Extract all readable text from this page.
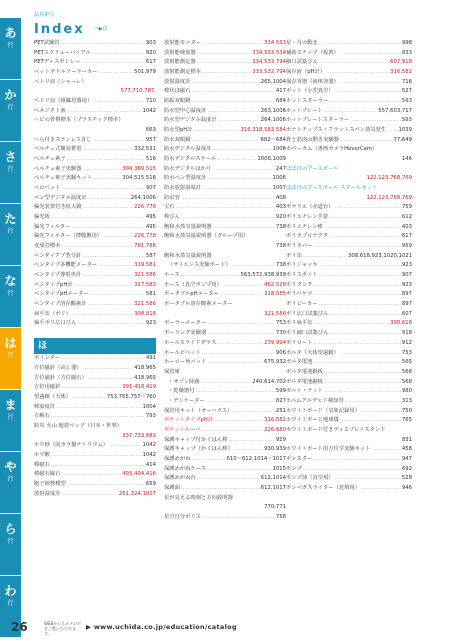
あ
行
か
行
さ
行
た
行
な
行
は
行
ま
行
や
行
ら
行
わ
行
品名索引
Index ヘ▶ほ
PET試験管 …………………………………………………………………………………………	903
PETスクリューバイアル …………………………………………………………………………………………	920
PETディスポトレー …………………………………………………………………………………………	617
ペットボトルソーラーカー …………………………………………………………………………………………	501,979
ペトリ皿（シャーレ）
577,710,787,
ペトリ皿（組織培養用） …………………………………………………………………………………………	710
ペネジクト液 …………………………………………………………………………………………	1042
ヘビの骨格標本（プラスチック標本）
663
ヘら付きステンレスさじ …………………………………………………………………………………………	957
ペルチェ式簡易蓄電 …………………………………………………………………………………………	332,531
ペルチェ素子 …………………………………………………………………………………………	516
ペルチェ素子実験器 …………………………………………………………………………………………	304,369,515
ペルチェ素子実験キット …………………………………………………………………………………………	304,515,516
ペロペット …………………………………………………………………………………………	907
ペン型デジタル温度計 …………………………………………………………………………………………	264,1006
偏光装置付き拡大鏡 …………………………………………………………………………………………	226,778
偏光板 …………………………………………………………………………………………	495
偏光フィルター …………………………………………………………………………………………	495
偏光フィルター（薄膜鍍用） …………………………………………………………………………………………	226,778
変成岩標本 …………………………………………………………………………………………	781,786
ベンダイアプ型分針 …………………………………………………………………………………………	587
ベンタイプ多機能メーター …………………………………………………………………………………………	319,581
ベンタイプ導電率計 …………………………………………………………………………………………	321,586
ベンタイプpH計 …………………………………………………………………………………………	317,583
ベンタイプpHメーター …………………………………………………………………………………………	581
ベンタイプ溶存酸素計 …………………………………………………………………………………………	321,586
扁平缶（ポリ） …………………………………………………………………………………………	308,818
偏平ポリ広口びん …………………………………………………………………………………………	923
ほ
ポインター …………………………………………………………………………………………	491
方位磁針（高し器） …………………………………………………………………………………………	418,965
方位磁針（方位磁石） …………………………………………………………………………………………	418,965
方位用磁針 …………………………………………………………………………………………	391,418,419
望遠鏡（天体） …………………………………………………………………………………………	753,755,757〜760
棒温度計 …………………………………………………………………………………………	1004
方解石 …………………………………………………………………………………………	793
防災 火山 地震マップ（日本・世界）
337,733,883
ホウ砂（固カラ猫ナトリウム） …………………………………………………………………………………………	1042
ホウ酸 …………………………………………………………………………………………	1042
棒磁石 …………………………………………………………………………………………	414
棒磁石磁石 …………………………………………………………………………………………	403,404,416
胞子植物模型 …………………………………………………………………………………………	659
放射温度計 …………………………………………………………………………………………	261,324,1007
放射能モニター …………………………………………………………………………………………	334,533
放射能検知器 …………………………………………………………………………………………	334,533,534
放射能測定器 …………………………………………………………………………………………	334,533,794
放射能測定標本 …………………………………………………………………………………………	333,532,794
放射温度計 …………………………………………………………………………………………	265,1004
棒状ほ磁石 …………………………………………………………………………………………	417
防振双眼鏡 …………………………………………………………………………………………	684
防水型中心温度計 …………………………………………………………………………………………	263,1006
防水型デジタル温度計 …………………………………………………………………………………………	264,1006
防水型pH計 …………………………………………………………………………………………	316,318,583,584
防水双眼鏡 …………………………………………………………………………………………	682〜684
防水デジタル温度計 …………………………………………………………………………………………	1006
防水デジタルスケール …………………………………………………………………………………………	1008,1009
防水デジタルはかり …………………………………………………………………………………………	247
防水ペン型温度計 …………………………………………………………………………………………	1006
防水放射温度計 …………………………………………………………………………………………	1007
防虫管 …………………………………………………………………………………………	408
宝石 …………………………………………………………………………………………	403
棒びん …………………………………………………………………………………………	920
飽和水蒸気量説明器 …………………………………………………………………………………………	738
飽和水蒸気量説明器（グループ用）
738
飽和水蒸気量説明器
（サイエンス実験ボード） …………………………………………………………………………………………	738
ホース …………………………………………………………………………………………	563,572,938,939
ホース（真空ポンプ用） …………………………………………………………………………………………	462,528
ポータブルpHメーター …………………………………………………………………………………………	318,585
ポータブル溶存酸素メーター
321,586
ボーラーメーター …………………………………………………………………………………………	753
ボーリング実験器 …………………………………………………………………………………………	730
ホールスライドグラス …………………………………………………………………………………………	239,994
ホールピペット …………………………………………………………………………………………	906
ホーロー角バット …………………………………………………………………………………………	675,932
保管庫
・オゾン除菌 …………………………………………………………………………………………	240,614,702
・乾燥器付 …………………………………………………………………………………………	599
・デシケーター …………………………………………………………………………………………	827
保管用キット（オーハウス） …………………………………………………………………………………………	251
ポケットタイプpH計 …………………………………………………………………………………………	316,582
ポケットルーペ …………………………………………………………………………………………	226,680
保護キャップ付かくはん棒 …………………………………………………………………………………………	929
保護キャップ（かくはん棒） …………………………………………………………………………………………	930,939
保護めがね …………………………………………………………………………………………	610〜612,1014〜1017
保護めがねケース …………………………………………………………………………………………	1015
保護めがね台 …………………………………………………………………………………………	612,1014
保護面 …………………………………………………………………………………………	612,1017
星が見える時刻と方向説明器
770,771
星空自分ポリス …………………………………………………………………………………………	758
星・月の動き …………………………………………………………………………………………	998
補助スナップ（板書） …………………………………………………………………………………………	833
細口試薬びん …………………………………………………………………………………………	607,918
保存液（pH計） …………………………………………………………………………………………	316,582
保存容器（液体容器） …………………………………………………………………………………………	716
ポット（小型真空） …………………………………………………………………………………………	527
ホットスターラー …………………………………………………………………………………………	593
ホットプレート …………………………………………………………………………………………	557,603,717
ホットプレートスターラー …………………………………………………………………………………………	593
ポテトチップス・フラットスバン蒸気発生 ………………………………………………………………………………………… 1039
骨と筋肉の動き実験器 …………………………………………………………………………………………	77,649
ホバーカム（書画カメラHoverCam）
146
ほぼ日のアースボール
122,123,768,769
ほぼ日のアースボール スクールセット
122,123,768,769
ポラリエ（赤道台） …………………………………………………………………………………………	759
ポリエチレン手袋 …………………………………………………………………………………………	612
ポリエチレン棒 …………………………………………………………………………………………	403
ポリカプロテクタ …………………………………………………………………………………………	617
ポリカバー …………………………………………………………………………………………	959
ポリ缶 …………………………………………………………………………………………	308,618,923,1020,1021
ポリジャッキ …………………………………………………………………………………………	923
ポリスポイト …………………………………………………………………………………………	907
ポリタンク …………………………………………………………………………………………	923
ポリバケツ …………………………………………………………………………………………	897
ポリビーカー …………………………………………………………………………………………	897
ポリ広口試薬びん …………………………………………………………………………………………	607
ポリ扁平缶 …………………………………………………………………………………………	308,618
ポリ細口試薬びん …………………………………………………………………………………………	918
ポリロート …………………………………………………………………………………………	912
ボルタ（天体望遠鏡） …………………………………………………………………………………………	753
ボルタ電池 …………………………………………………………………………………………	565
ボルタ電池銀板 …………………………………………………………………………………………	568
ボルタ電池銅板 …………………………………………………………………………………………	568
ボルト・ナット …………………………………………………………………………………………	980
ホルムアルデヒド検知管 …………………………………………………………………………………………	313
ホワイトボード（気象記録用） …………………………………………………………………………………………	750
ホワイトボード地球儀 …………………………………………………………………………………………	765
ホワイトボード付きディスプレイスタンド
831
ホワイトボード用方位学実験キット …………………………………………………………………………………………	458
ポンスター …………………………………………………………………………………………	947
ポンプ …………………………………………………………………………………………	692
ポンプ油（真空用） …………………………………………………………………………………………	528
ボンベガスライター（充填用） …………………………………………………………………………………………	946
26	WEBからもカタログをご覧いただけます。
▶ www.uchida.co.jp/education/catalog
